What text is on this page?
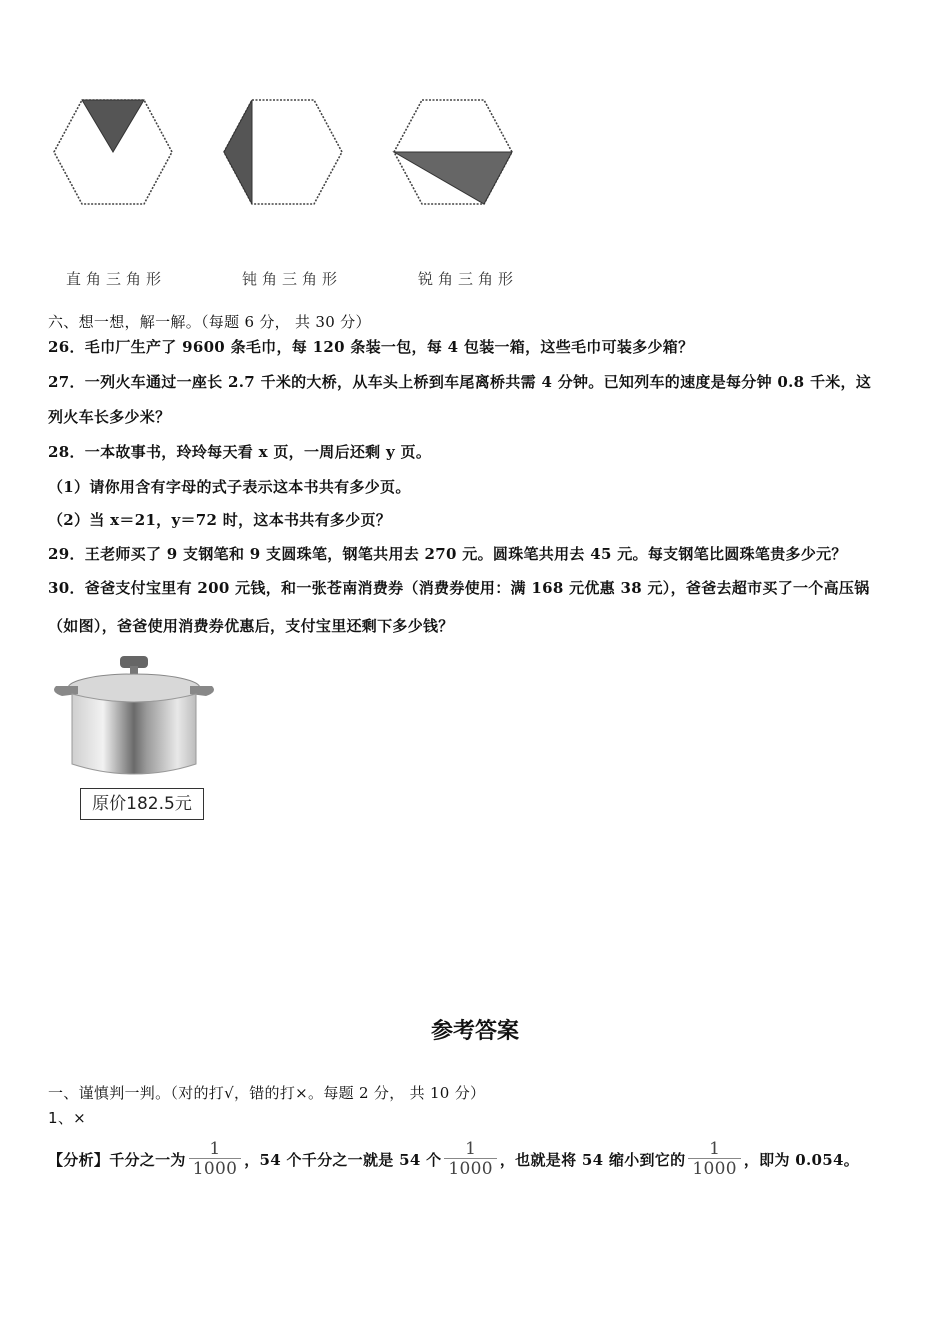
直角三角形	钝角三角形	锐角三角形
六、想一想，解一解。（每题 6 分， 共 30 分）
26．毛巾厂生产了 9600 条毛巾，每 120 条装一包，每 4 包装一箱，这些毛巾可装多少箱？
27．一列火车通过一座长 2.7 千米的大桥，从车头上桥到车尾离桥共需 4 分钟。已知列车的速度是每分钟 0.8 千米，这
列火车长多少米？
28．一本故事书，玲玲每天看 x 页，一周后还剩 y 页。
（1）请你用含有字母的式子表示这本书共有多少页。
（2）当 x＝21，y＝72 时，这本书共有多少页？
29．王老师买了 9 支钢笔和 9 支圆珠笔，钢笔共用去 270 元。圆珠笔共用去 45 元。每支钢笔比圆珠笔贵多少元？
30．爸爸支付宝里有 200 元钱，和一张苍南消费券（消费券使用：满 168 元优惠 38 元），爸爸去超市买了一个高压锅
（如图），爸爸使用消费券优惠后，支付宝里还剩下多少钱？
原价182.5元
参考答案
一、谨慎判一判。（对的打√，错的打×。每题 2 分， 共 10 分）
1、×
【分析】 千分之一为 $\frac{1}{1000}$ ，54 个千分之一就是 54 个 $\frac{1}{1000}$ ，也就是将 54 缩小到它的 $\frac{1}{1000}$ ，即为 0.054。
